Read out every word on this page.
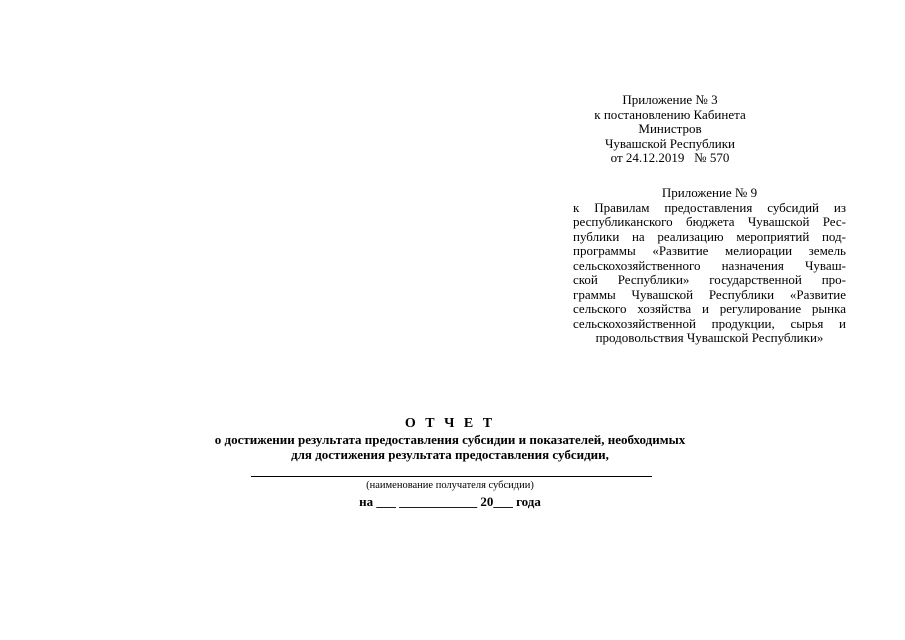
Приложение № 3
к постановлению Кабинета Министров
Чувашской Республики
от 24.12.2019   № 570
Приложение № 9
к Правилам предоставления субсидий из
республиканского бюджета Чувашской Рес-
публики на реализацию мероприятий под-
программы «Развитие мелиорации земель
сельскохозяйственного назначения Чуваш-
ской Республики» государственной про-
граммы Чувашской Республики «Развитие
сельского хозяйства и регулирование рынка
сельскохозяйственной продукции, сырья и
продовольствия Чувашской Республики»
О Т Ч Е Т
о достижении результата предоставления субсидии и показателей, необходимых
для достижения результата предоставления субсидии,
(наименование получателя субсидии)
на ___ ____________ 20___ года
